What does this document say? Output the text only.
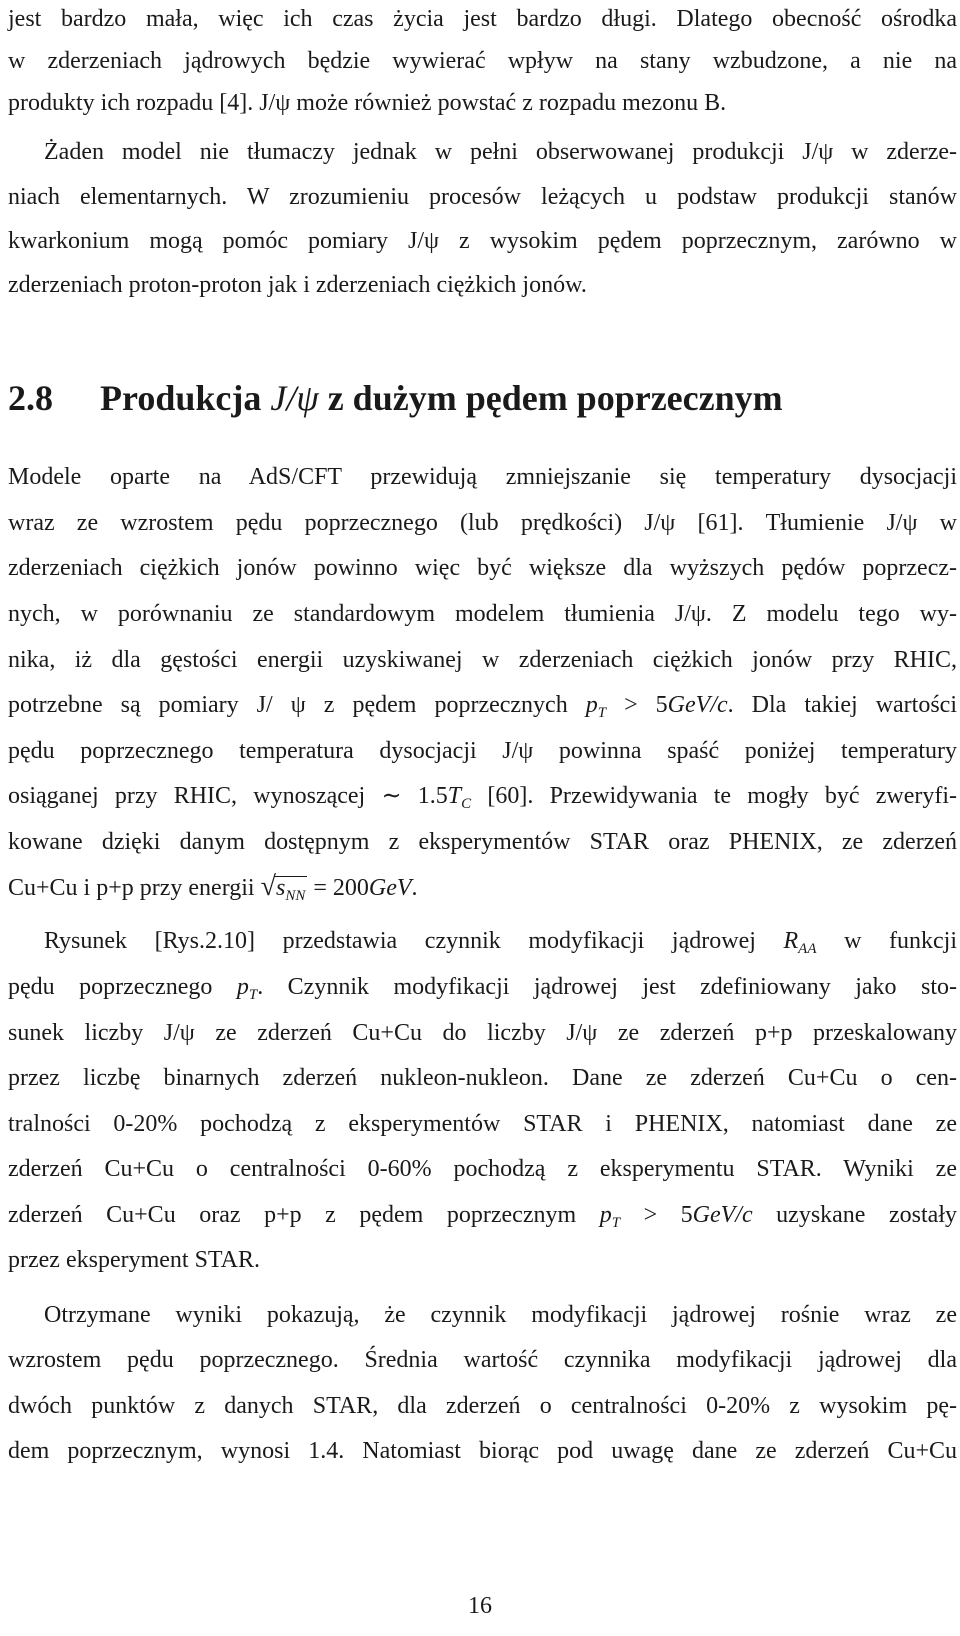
jest bardzo mała, więc ich czas życia jest bardzo długi. Dlatego obecność ośrodka

w zderzeniach jądrowych będzie wywierać wpływ na stany wzbudzone, a nie na

produkty ich rozpadu [4]. J/ψ może również powstać z rozpadu mezonu B.

Żaden model nie tłumaczy jednak w pełni obserwowanej produkcji J/ψ w zderze-

niach elementarnych. W zrozumieniu procesów leżących u podstaw produkcji stanów

kwarkonium mogą pomóc pomiary J/ψ z wysokim pędem poprzecznym, zarówno w

zderzeniach proton-proton jak i zderzeniach ciężkich jonów.

2.8 Produkcja J/ψ z dużym pędem poprzecznym

Modele oparte na AdS/CFT przewidują zmniejszanie się temperatury dysocjacji

wraz ze wzrostem pędu poprzecznego (lub prędkości) J/ψ [61]. Tłumienie J/ψ w

zderzeniach ciężkich jonów powinno więc być większe dla wyższych pędów poprzecz-

nych, w porównaniu ze standardowym modelem tłumienia J/ψ. Z modelu tego wy-

nika, iż dla gęstości energii uzyskiwanej w zderzeniach ciężkich jonów przy RHIC,

potrzebne są pomiary J/ ψ z pędem poprzecznych $p_T > 5GeV/c$. Dla takiej wartości

pędu poprzecznego temperatura dysocjacji J/ψ powinna spaść poniżej temperatury

osiąganej przy RHIC, wynoszącej ∼ $1.5T_C$ [60]. Przewidywania te mogły być zweryfi-

kowane dzięki danym dostępnym z eksperymentów STAR oraz PHENIX, ze zderzeń

Cu+Cu i p+p przy energii $√s_{NN} = 200GeV$.

Rysunek [Rys.2.10] przedstawia czynnik modyfikacji jądrowej $R_{AA}$ w funkcji

pędu poprzecznego $p_T$. Czynnik modyfikacji jądrowej jest zdefiniowany jako sto-

sunek liczby J/ψ ze zderzeń Cu+Cu do liczby J/ψ ze zderzeń p+p przeskalowany

przez liczbę binarnych zderzeń nukleon-nukleon. Dane ze zderzeń Cu+Cu o cen-

tralności 0-20% pochodzą z eksperymentów STAR i PHENIX, natomiast dane ze

zderzeń Cu+Cu o centralności 0-60% pochodzą z eksperymentu STAR. Wyniki ze

zderzeń Cu+Cu oraz p+p z pędem poprzecznym $p_T > 5GeV/c$ uzyskane zostały

przez eksperyment STAR.

Otrzymane wyniki pokazują, że czynnik modyfikacji jądrowej rośnie wraz ze

wzrostem pędu poprzecznego. Średnia wartość czynnika modyfikacji jądrowej dla

dwóch punktów z danych STAR, dla zderzeń o centralności 0-20% z wysokim pę-

dem poprzecznym, wynosi 1.4. Natomiast biorąc pod uwagę dane ze zderzeń Cu+Cu

16
